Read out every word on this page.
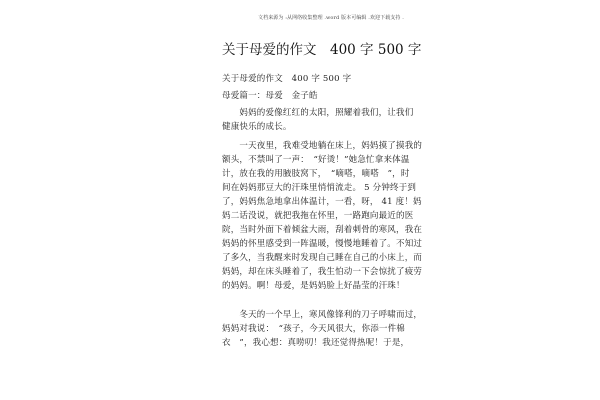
文档来源为 :从网络收集整理 .word 版本可编辑 .欢迎下载支持 .
关于母爱的作文　400 字 500 字
关于母爱的作文　400 字 500 字
母爱篇一：母爱　金子皓
　　妈妈的爱像红红的太阳，照耀着我们，让我们
健康快乐的成长。
　　一天夜里，我难受地躺在床上，妈妈摸了摸我的
额头，不禁叫了一声：　“好烫！”她急忙拿来体温
计，放在我的用腋肢窝下，　“嘀嗒，嘀嗒　”，时
间在妈妈那豆大的汗珠里悄悄流走。 5 分钟终于到
了，妈妈焦急地拿出体温计，一看，呀， 41 度！妈
妈二话没说，就把我拖在怀里，一路跑向最近的医
院，当时外面下着倾盆大雨，刮着刺骨的寒风，我在
妈妈的怀里感受到一阵温暖，慢慢地睡着了。不知过
了多久，当我醒来时发现自己睡在自己的小床上，而
妈妈，却在床头睡着了，我生怕动一下会惊扰了疲劳
的妈妈。啊！母爱，是妈妈脸上好晶莹的汗珠！
　　冬天的一个早上，寒风像锋利的刀子呼啸而过，
妈妈对我说：　“孩子，今天风很大，你添一件棉
衣　”，我心想：真唠叨！我还觉得热呢！于是，
